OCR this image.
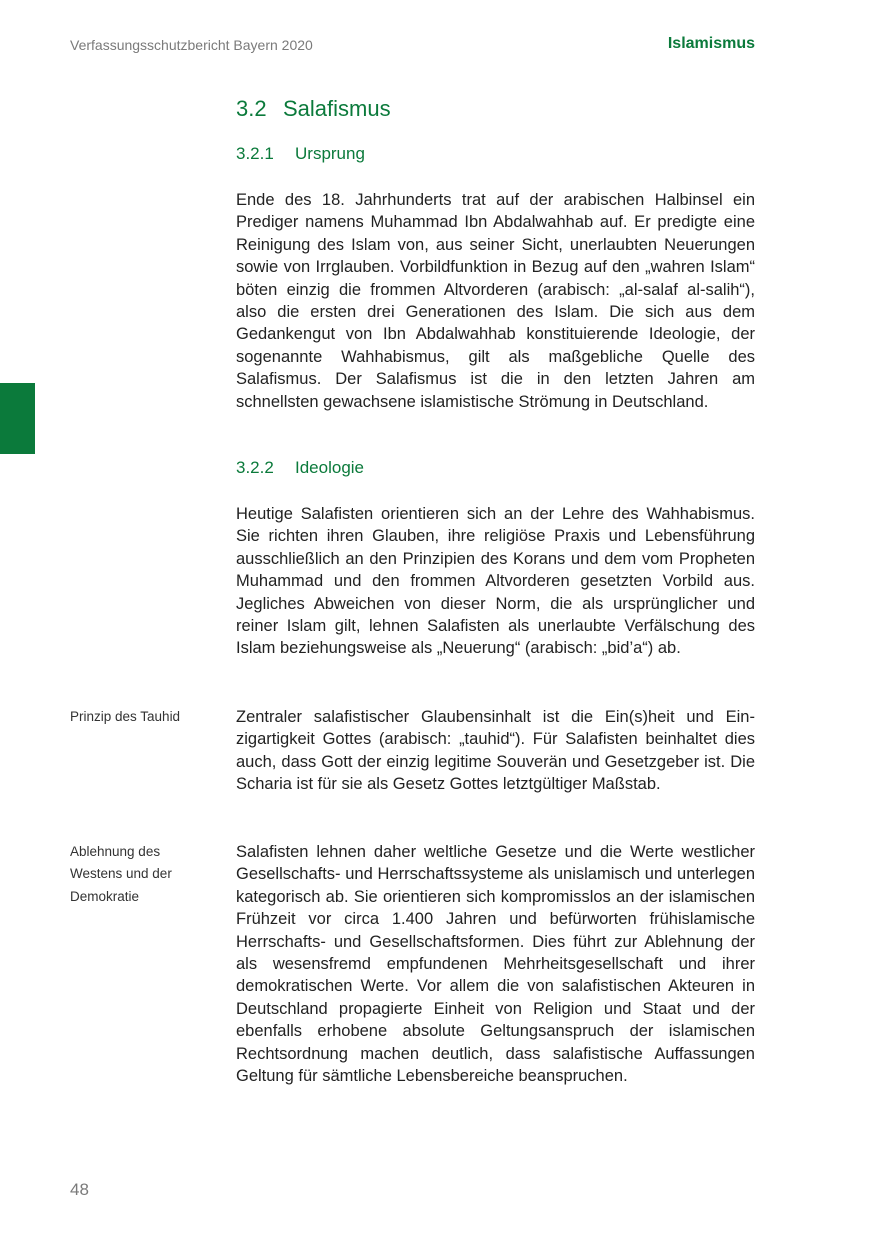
Verfassungsschutzbericht Bayern 2020	Islamismus
3.2 Salafismus
3.2.1 Ursprung

Ende des 18. Jahrhunderts trat auf der arabischen Halbinsel ein Prediger namens Muhammad Ibn Abdalwahhab auf. Er predigte eine Reinigung des Islam von, aus seiner Sicht, unerlaubten Neuerungen sowie von Irrglauben. Vorbildfunktion in Bezug auf den „wahren Islam“ böten einzig die frommen Altvorderen (arabisch: „al-salaf al-salih“), also die ersten drei Generationen des Islam. Die sich aus dem Gedankengut von Ibn Abdalwahhab konstituierende Ideologie, der sogenannte Wahhabismus, gilt als maßgebliche Quelle des Salafismus. Der Salafismus ist die in den letzten Jahren am schnellsten gewachsene islamistische Strömung in Deutschland.

3.2.2 Ideologie

Heutige Salafisten orientieren sich an der Lehre des Wahhabismus. Sie richten ihren Glauben, ihre religiöse Praxis und Lebensführung ausschließlich an den Prinzipien des Korans und dem vom Propheten Muhammad und den frommen Altvorderen gesetzten Vorbild aus. Jegliches Abweichen von dieser Norm, die als ursprünglicher und reiner Islam gilt, lehnen Salafisten als unerlaubte Verfälschung des Islam beziehungsweise als „Neuerung“ (arabisch: „bid’a“) ab.

Prinzip des Tauhid	Zentraler salafistischer Glaubensinhalt ist die Ein(s)heit und Einzigartigkeit Gottes (arabisch: „tauhid“). Für Salafisten beinhaltet dies auch, dass Gott der einzig legitime Souverän und Gesetzgeber ist. Die Scharia ist für sie als Gesetz Gottes letztgültiger Maßstab.

Ablehnung des
Westens und der
Demokratie

Salafisten lehnen daher weltliche Gesetze und die Werte westlicher Gesellschafts- und Herrschaftssysteme als unislamisch und unterlegen kategorisch ab. Sie orientieren sich kompromisslos an der islamischen Frühzeit vor circa 1.400 Jahren und befürworten frühislamische Herrschafts- und Gesellschaftsformen. Dies führt zur Ablehnung der als wesensfremd empfundenen Mehrheitsgesellschaft und ihrer demokratischen Werte. Vor allem die von salafistischen Akteuren in Deutschland propagierte Einheit von Religion und Staat und der ebenfalls erhobene absolute Geltungsanspruch der islamischen Rechtsordnung machen deutlich, dass salafistische Auffassungen Geltung für sämtliche Lebensbereiche beanspruchen.

48
